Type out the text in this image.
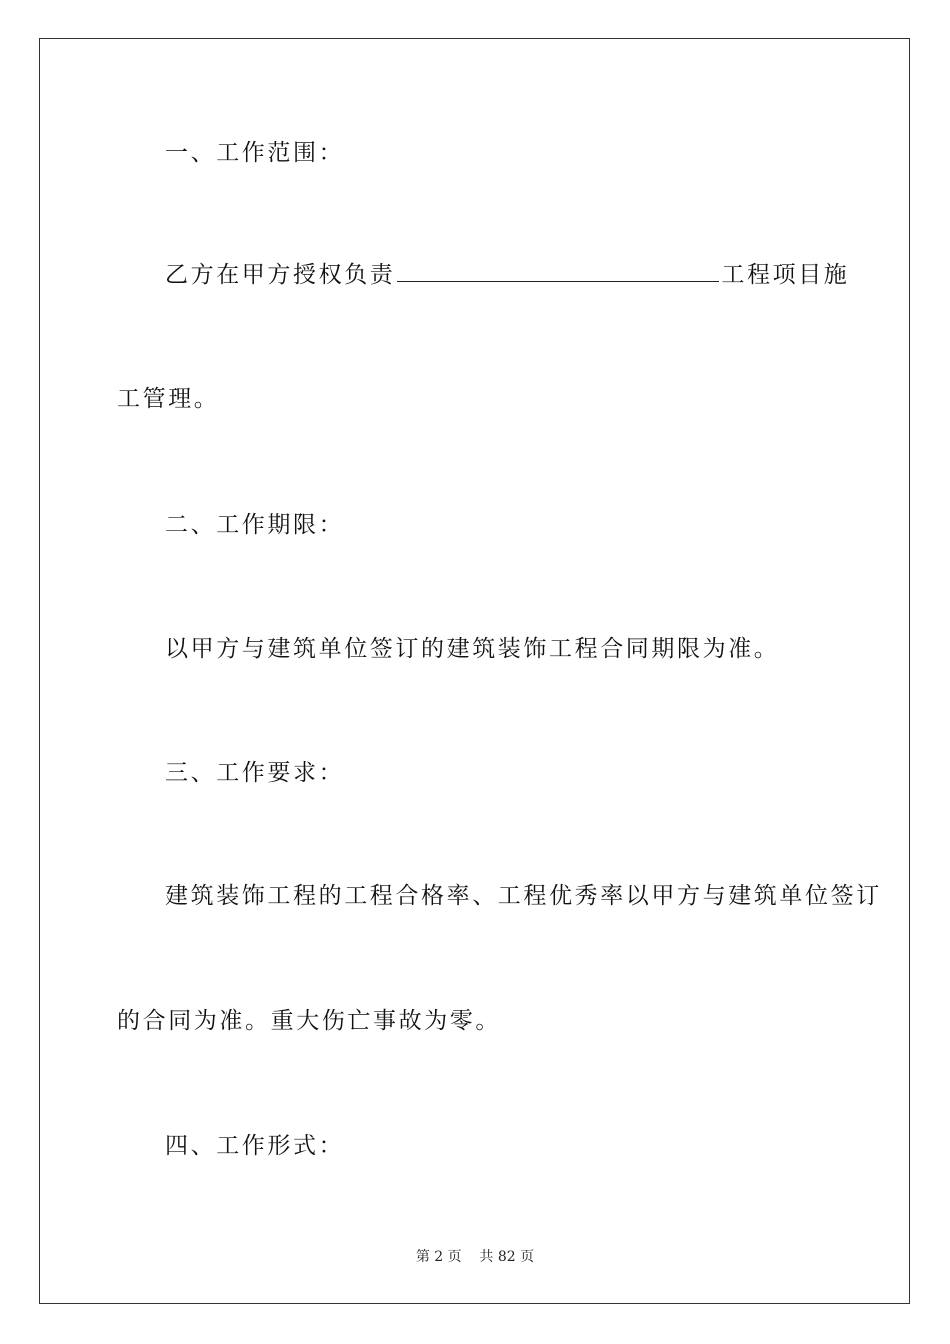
一、工作范围：
乙方在甲方授权负责	工程项目施
工管理。
二、工作期限：
以甲方与建筑单位签订的建筑装饰工程合同期限为准。
三、工作要求：
建筑装饰工程的工程合格率、工程优秀率以甲方与建筑单位签订
的合同为准。重大伤亡事故为零。
四、工作形式：
第 2 页    共 82 页
